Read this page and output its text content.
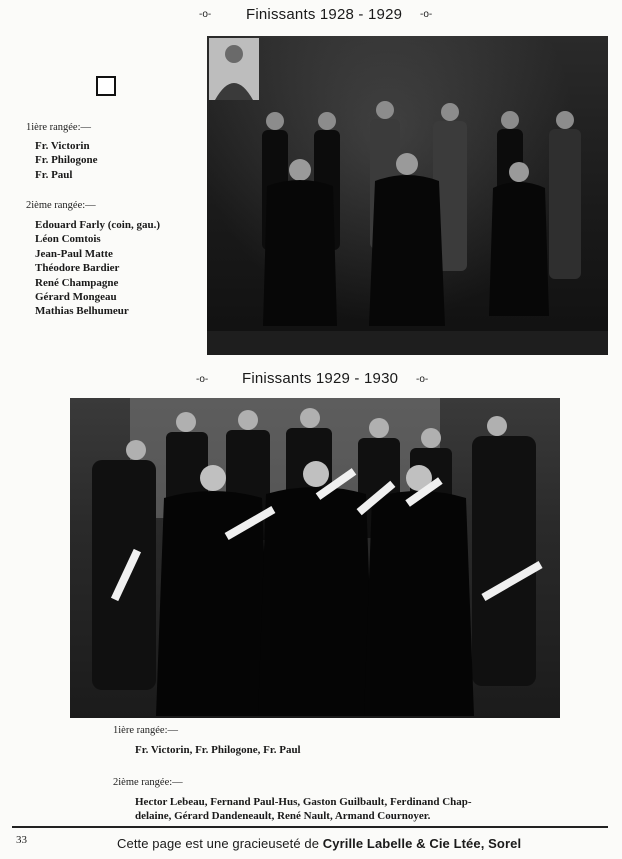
-o- Finissants 1928 - 1929 -o-
1ière rangée:—
Fr. Victorin
Fr. Philogone
Fr. Paul
2ième rangée:—
Edouard Farly (coin, gau.)
Léon Comtois
Jean-Paul Matte
Théodore Bardier
René Champagne
Gérard Mongeau
Mathias Belhumeur
-o- Finissants 1929 - 1930 -o-
1ière rangée:—
Fr. Victorin, Fr. Philogone, Fr. Paul
2ième rangée:—
Hector Lebeau, Fernand Paul-Hus, Gaston Guilbault, Ferdinand Chap-
delaine, Gérard Dandeneault, René Nault, Armand Cournoyer.
33	Cette page est une gracieuseté de Cyrille Labelle & Cie Ltée, Sorel
